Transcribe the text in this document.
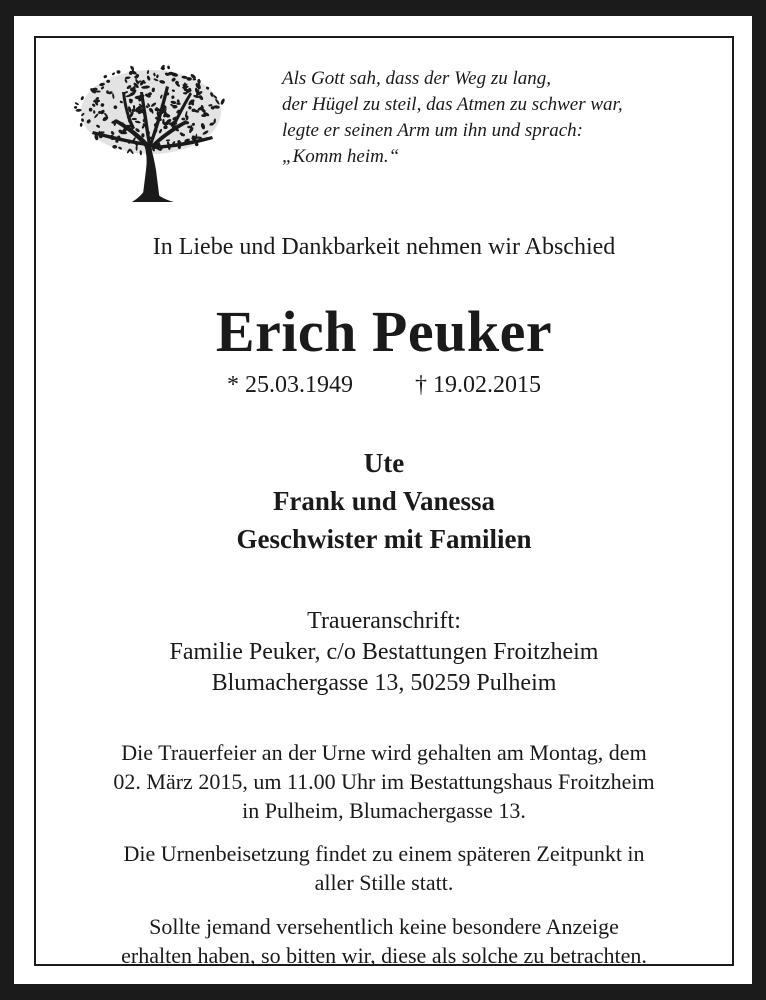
Als Gott sah, dass der Weg zu lang,
der Hügel zu steil, das Atmen zu schwer war,
legte er seinen Arm um ihn und sprach:
„Komm heim.“
In Liebe und Dankbarkeit nehmen wir Abschied
Erich Peuker
* 25.03.1949	† 19.02.2015
Ute
Frank und Vanessa
Geschwister mit Familien
Traueranschrift:
Familie Peuker, c/o Bestattungen Froitzheim
Blumachergasse 13, 50259 Pulheim
Die Trauerfeier an der Urne wird gehalten am Montag, dem
02. März 2015, um 11.00 Uhr im Bestattungshaus Froitzheim
in Pulheim, Blumachergasse 13.
Die Urnenbeisetzung findet zu einem späteren Zeitpunkt in
aller Stille statt.
Sollte jemand versehentlich keine besondere Anzeige
erhalten haben, so bitten wir, diese als solche zu betrachten.
